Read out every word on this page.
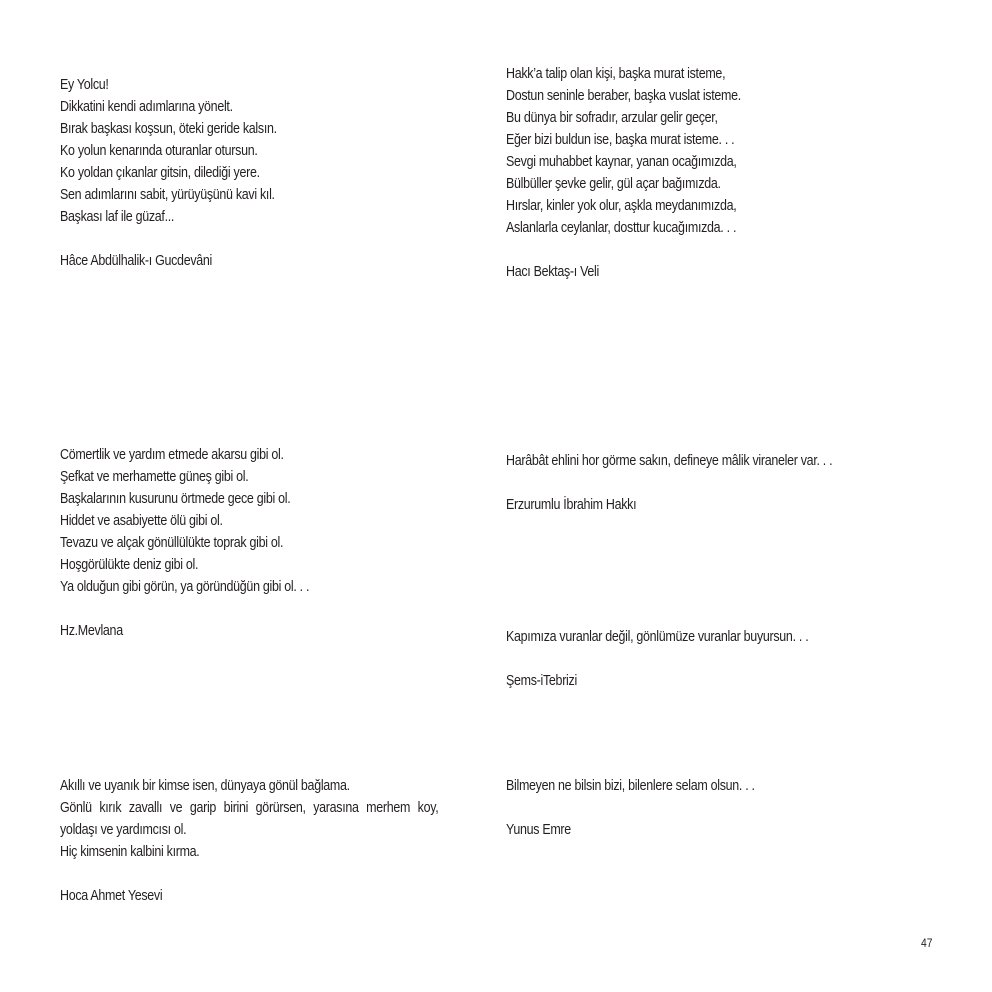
Ey Yolcu!
Dikkatini kendi adımlarına yönelt.
Bırak başkası koşsun, öteki geride kalsın.
Ko yolun kenarında oturanlar otursun.
Ko yoldan çıkanlar gitsin, dilediği yere.
Sen adımlarını sabit, yürüyüşünü kavi kıl.
Başkası laf ile güzaf...
Hâce Abdülhalik-ı Gucdevâni
Hakk’a talip olan kişi, başka murat isteme,
Dostun seninle beraber, başka vuslat isteme.
Bu dünya bir sofradır, arzular gelir geçer,
Eğer bizi buldun ise, başka murat isteme. . .
Sevgi muhabbet kaynar, yanan ocağımızda,
Bülbüller şevke gelir, gül açar bağımızda.
Hırslar, kinler yok olur, aşkla meydanımızda,
Aslanlarla ceylanlar, dosttur kucağımızda. . .
Hacı Bektaş-ı Veli
Cömertlik ve yardım etmede akarsu gibi ol.
Şefkat ve merhamette güneş gibi ol.
Başkalarının kusurunu örtmede gece gibi ol.
Hiddet ve asabiyette ölü gibi ol.
Tevazu ve alçak gönüllülükte toprak gibi ol.
Hoşgörülükte deniz gibi ol.
Ya olduğun gibi görün, ya göründüğün gibi ol. . .
Hz.Mevlana
Harâbât ehlini hor görme sakın, defineye mâlik viraneler var. . .
Erzurumlu İbrahim Hakkı
Kapımıza vuranlar değil, gönlümüze vuranlar buyursun. . .
Şems-iTebrizi
Akıllı ve uyanık bir kimse isen, dünyaya gönül bağlama.
Gönlü kırık zavallı ve garip birini görürsen, yarasına merhem koy,
yoldaşı ve yardımcısı ol.
Hiç kimsenin kalbini kırma.
Hoca Ahmet Yesevi
Bilmeyen ne bilsin bizi, bilenlere selam olsun. . .
Yunus Emre
47
